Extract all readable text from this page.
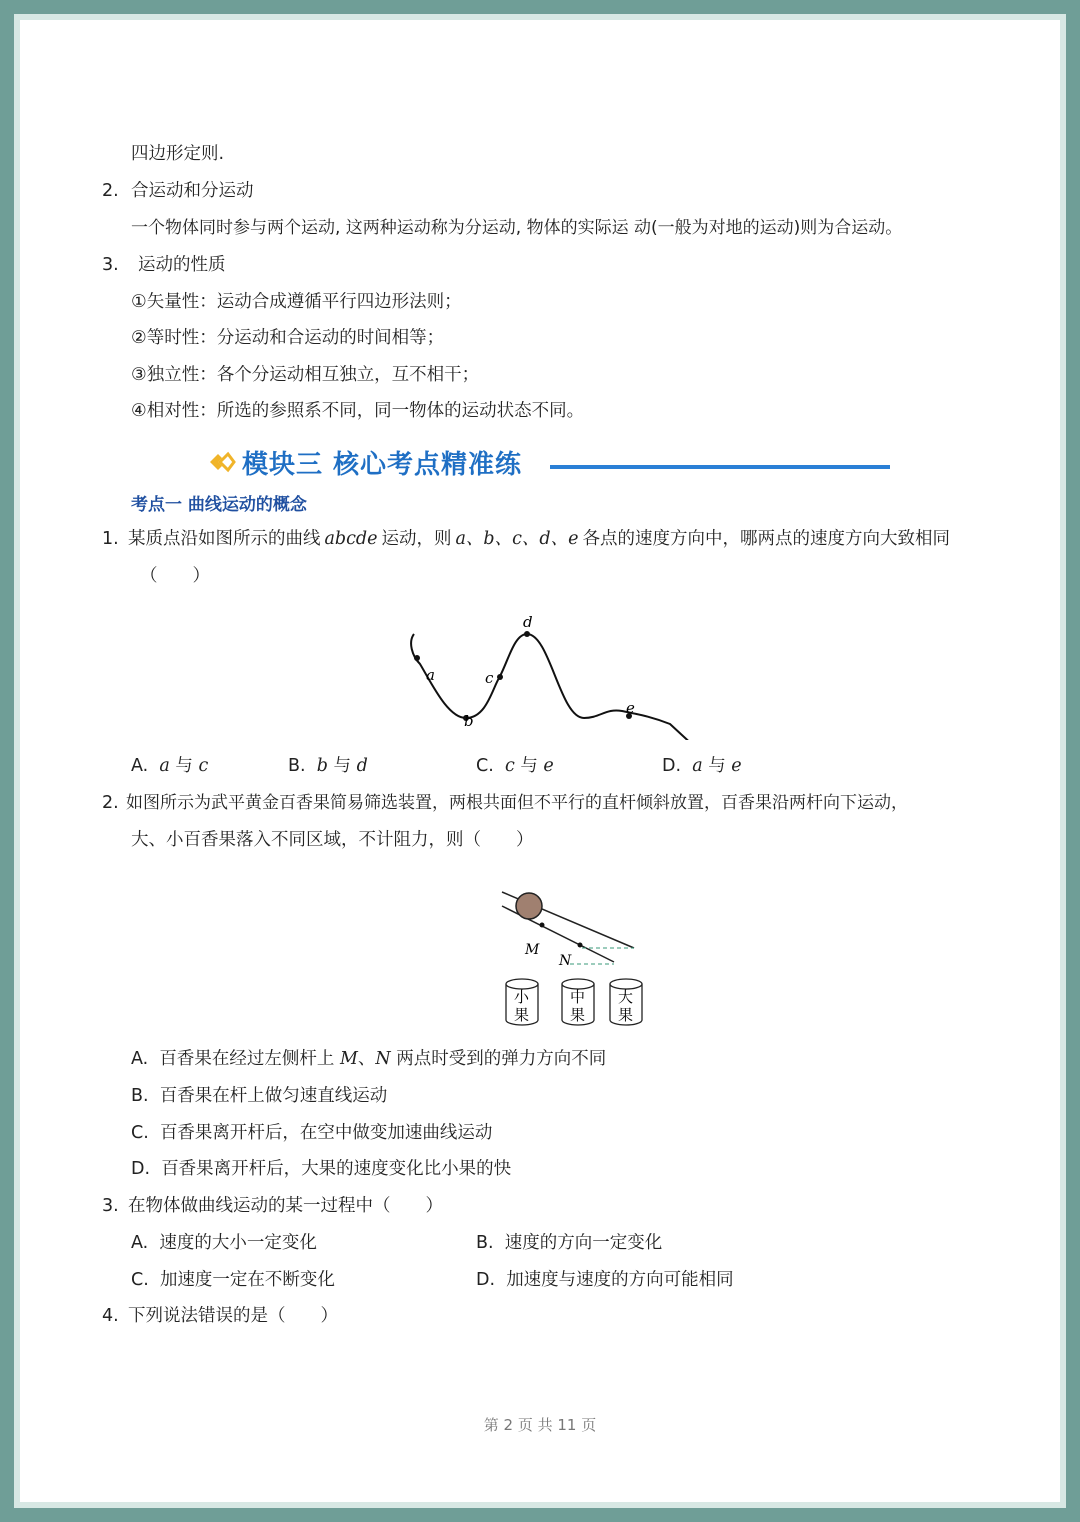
四边形定则.
2. 合运动和分运动
一个物体同时参与两个运动, 这两种运动称为分运动, 物体的实际运 动(一般为对地的运动)则为合运动。
3. 运动的性质
①矢量性：运动合成遵循平行四边形法则；
②等时性：分运动和合运动的时间相等；
③独立性：各个分运动相互独立，互不相干；
④相对性：所选的参照系不同，同一物体的运动状态不同。
模块三 核心考点精准练
考点一 曲线运动的概念
1. 某质点沿如图所示的曲线 abcde 运动，则 a、b、c、d、e 各点的速度方向中，哪两点的速度方向大致相同
（　　）
a
b
c
d
e
A. a 与 c	B. b 与 d	C. c 与 e	D. a 与 e
2. 如图所示为武平黄金百香果简易筛选装置，两根共面但不平行的直杆倾斜放置，百香果沿两杆向下运动，
大、小百香果落入不同区域，不计阻力，则（　　）
M
N
小
果
中
果
大
果
A. 百香果在经过左侧杆上 M、N 两点时受到的弹力方向不同
B. 百香果在杆上做匀速直线运动
C. 百香果离开杆后，在空中做变加速曲线运动
D. 百香果离开杆后，大果的速度变化比小果的快
3. 在物体做曲线运动的某一过程中（　　）
A. 速度的大小一定变化	B. 速度的方向一定变化
C. 加速度一定在不断变化	D. 加速度与速度的方向可能相同
4. 下列说法错误的是（　　）
第 2 页 共 11 页
